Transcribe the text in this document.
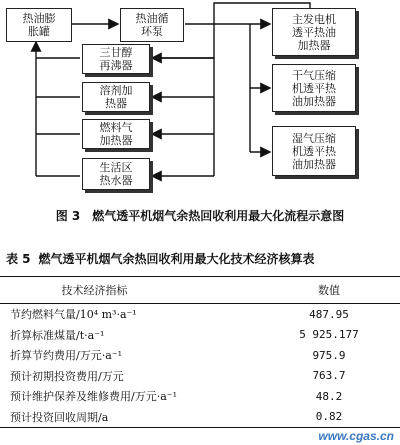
热油膨
胀罐
热油循
环泵
三甘醇
再沸器
溶剂加
热器
燃料气
加热器
生活区
热水器
主发电机
透平热油
加热器
干气压缩
机透平热
油加热器
湿气压缩
机透平热
油加热器
图 3　燃气透平机烟气余热回收利用最大化流程示意图
表 5 燃气透平机烟气余热回收利用最大化技术经济核算表
技术经济指标	数值

节约燃料气量/10⁴ m³·a⁻¹	487.95
折算标准煤量/t·a⁻¹	5 925.177
折算节约费用/万元·a⁻¹	975.9
预计初期投资费用/万元	763.7
预计维护保养及维修费用/万元·a⁻¹	48.2
预计投资回收周期/a	0.82
www.cgas.cn
